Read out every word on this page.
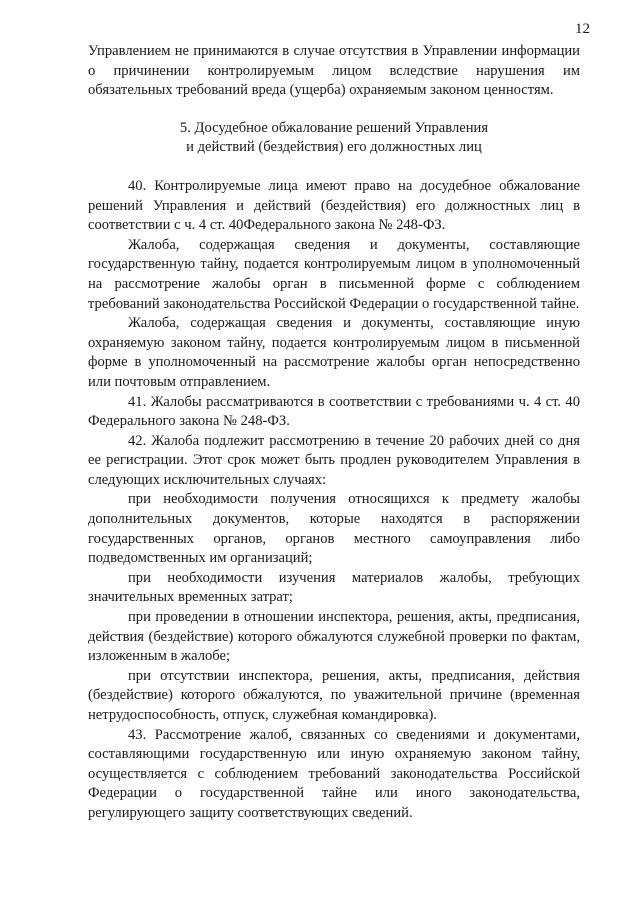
12

Управлением не принимаются в случае отсутствия в Управлении информации о причинении контролируемым лицом вследствие нарушения им обязательных требований вреда (ущерба) охраняемым законом ценностям.

5. Досудебное обжалование решений Управления
и действий (бездействия) его должностных лиц

40. Контролируемые лица имеют право на досудебное обжалование решений Управления и действий (бездействия) его должностных лиц в соответствии с ч. 4 ст. 40Федерального закона № 248-ФЗ.

Жалоба, содержащая сведения и документы, составляющие государственную тайну, подается контролируемым лицом в уполномоченный на рассмотрение жалобы орган в письменной форме с соблюдением требований законодательства Российской Федерации о государственной тайне.

Жалоба, содержащая сведения и документы, составляющие иную охраняемую законом тайну, подается контролируемым лицом в письменной форме в уполномоченный на рассмотрение жалобы орган непосредственно или почтовым отправлением.

41. Жалобы рассматриваются в соответствии с требованиями ч. 4 ст. 40 Федерального закона № 248-ФЗ.

42. Жалоба подлежит рассмотрению в течение 20 рабочих дней со дня ее регистрации. Этот срок может быть продлен руководителем Управления в следующих исключительных случаях:

при необходимости получения относящихся к предмету жалобы дополнительных документов, которые находятся в распоряжении государственных органов, органов местного самоуправления либо подведомственных им организаций;

при необходимости изучения материалов жалобы, требующих значительных временных затрат;

при проведении в отношении инспектора, решения, акты, предписания, действия (бездействие) которого обжалуются служебной проверки по фактам, изложенным в жалобе;

при отсутствии инспектора, решения, акты, предписания, действия (бездействие) которого обжалуются, по уважительной причине (временная нетрудоспособность, отпуск, служебная командировка).

43. Рассмотрение жалоб, связанных со сведениями и документами, составляющими государственную или иную охраняемую законом тайну, осуществляется с соблюдением требований законодательства Российской Федерации о государственной тайне или иного законодательства, регулирующего защиту соответствующих сведений.
